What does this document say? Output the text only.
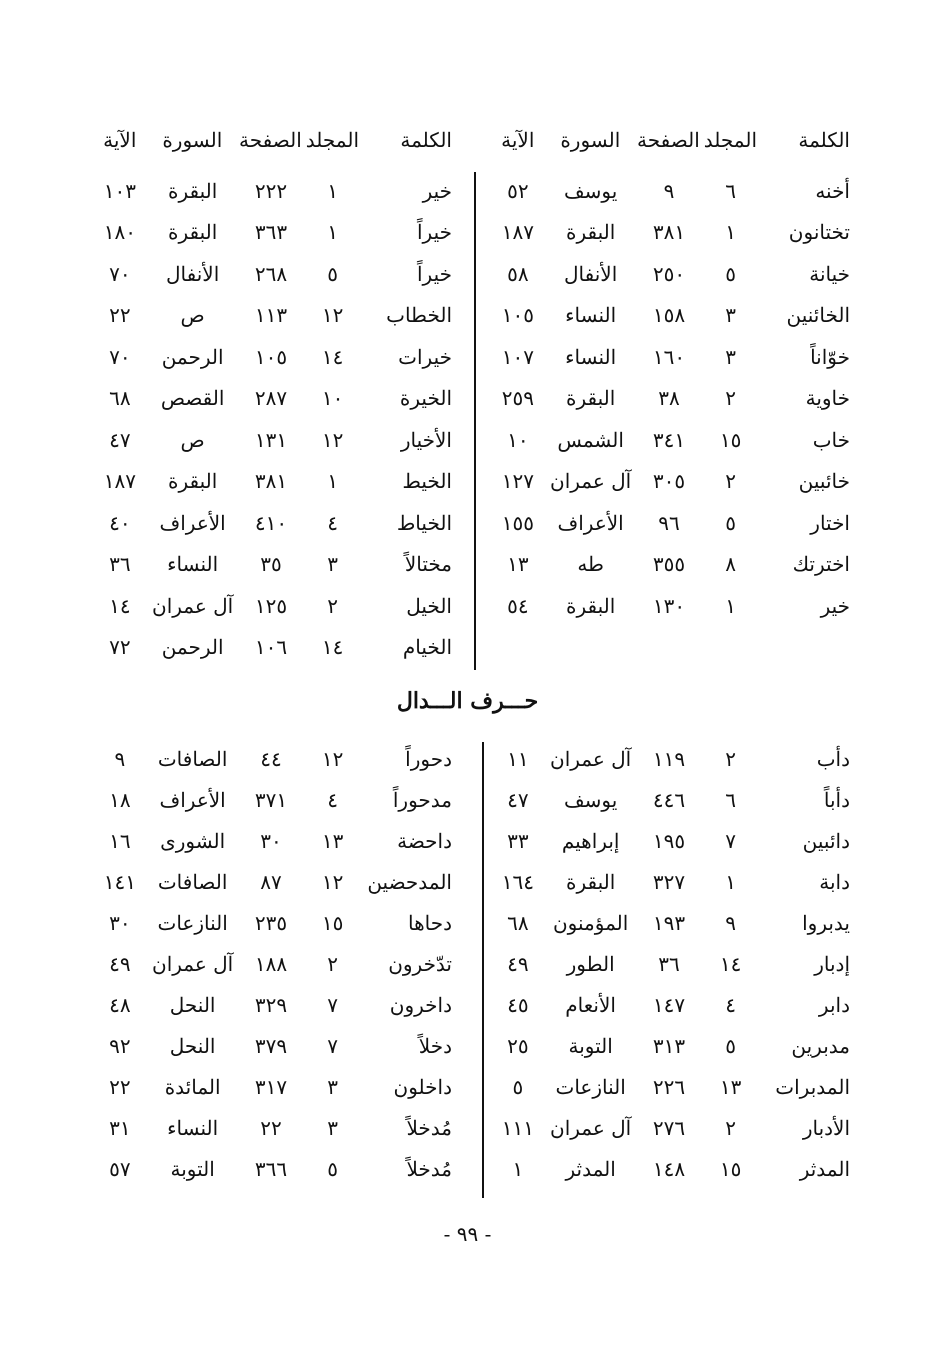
الكلمة
المجلد
الصفحة
السورة
الآية
أخنه
٦
٩
يوسف
٥٢
تختانون
١
٣٨١
البقرة
١٨٧
خيانة
٥
٢٥٠
الأنفال
٥٨
الخائنين
٣
١٥٨
النساء
١٠٥
خوّاناً
٣
١٦٠
النساء
١٠٧
خاوية
٢
٣٨
البقرة
٢٥٩
خاب
١٥
٣٤١
الشمس
١٠
خائبين
٢
٣٠٥
آل عمران
١٢٧
اختار
٥
٩٦
الأعراف
١٥٥
اخترتك
٨
٣٥٥
طه
١٣
خير
١
١٣٠
البقرة
٥٤
الكلمة
المجلد
الصفحة
السورة
الآية
خير
١
٢٢٢
البقرة
١٠٣
خيراً
١
٣٦٣
البقرة
١٨٠
خيراً
٥
٢٦٨
الأنفال
٧٠
الخطاب
١٢
١١٣
ص
٢٢
خيرات
١٤
١٠٥
الرحمن
٧٠
الخيرة
١٠
٢٨٧
القصص
٦٨
الأخيار
١٢
١٣١
ص
٤٧
الخيط
١
٣٨١
البقرة
١٨٧
الخياط
٤
٤١٠
الأعراف
٤٠
مختالاً
٣
٣٥
النساء
٣٦
الخيل
٢
١٢٥
آل عمران
١٤
الخيام
١٤
١٠٦
الرحمن
٧٢
حـــرف الـــدال
دأب
٢
١١٩
آل عمران
١١
دأباً
٦
٤٤٦
يوسف
٤٧
دائبين
٧
١٩٥
إبراهيم
٣٣
دابة
١
٣٢٧
البقرة
١٦٤
يدبروا
٩
١٩٣
المؤمنون
٦٨
إدبار
١٤
٣٦
الطور
٤٩
دابر
٤
١٤٧
الأنعام
٤٥
مدبرين
٥
٣١٣
التوبة
٢٥
المدبرات
١٣
٢٢٦
النازعات
٥
الأدبار
٢
٢٧٦
آل عمران
١١١
المدثر
١٥
١٤٨
المدثر
١
دحوراً
١٢
٤٤
الصافات
٩
مدحوراً
٤
٣٧١
الأعراف
١٨
داحضة
١٣
٣٠
الشورى
١٦
المدحضين
١٢
٨٧
الصافات
١٤١
دحاها
١٥
٢٣٥
النازعات
٣٠
تدّخرون
٢
١٨٨
آل عمران
٤٩
داخرون
٧
٣٢٩
النحل
٤٨
دخلاً
٧
٣٧٩
النحل
٩٢
داخلون
٣
٣١٧
المائدة
٢٢
مُدخلاً
٣
٢٢
النساء
٣١
مُدخلاً
٥
٣٦٦
التوبة
٥٧
- ٩٩ -
